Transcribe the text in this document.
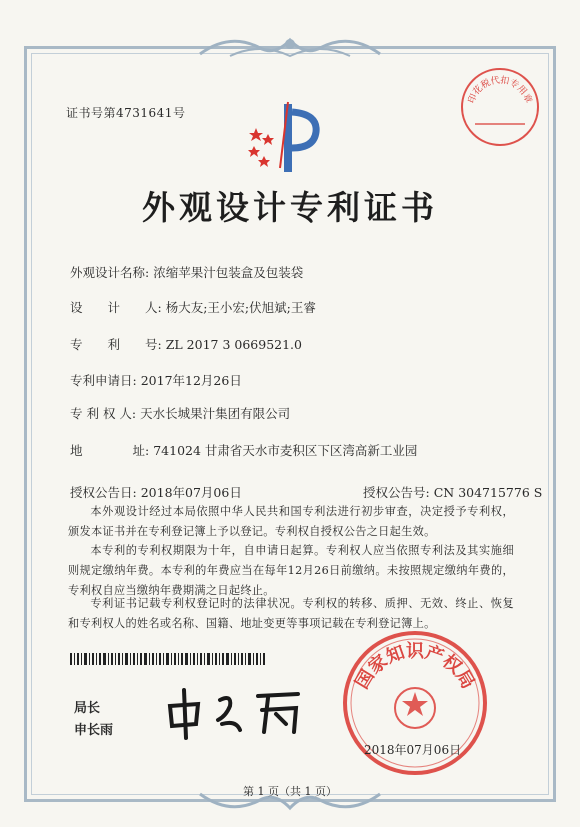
证书号第4731641号
外观设计专利证书
外观设计名称: 浓缩苹果汁包装盒及包装袋
设　　计　　人: 杨大友;王小宏;伏旭斌;王睿
专　　利　　号: ZL 2017 3 0669521.0
专利申请日: 2017年12月26日
专 利 权 人: 天水长城果汁集团有限公司
地　　　　址: 741024 甘肃省天水市麦积区下区湾高新工业园
授权公告日: 2018年07月06日	授权公告号: CN 304715776 S
本外观设计经过本局依照中华人民共和国专利法进行初步审查，决定授予专利权，颁发本证书并在专利登记簿上予以登记。专利权自授权公告之日起生效。
本专利的专利权期限为十年，自申请日起算。专利权人应当依照专利法及其实施细则规定缴纳年费。本专利的年费应当在每年12月26日前缴纳。未按照规定缴纳年费的，专利权自应当缴纳年费期满之日起终止。
专利证书记载专利权登记时的法律状况。专利权的转移、质押、无效、终止、恢复和专利权人的姓名或名称、国籍、地址变更等事项记载在专利登记簿上。
局长
申长雨
国家知识产权局
2018年07月06日
印花税代扣专用章
第 1 页（共 1 页）
